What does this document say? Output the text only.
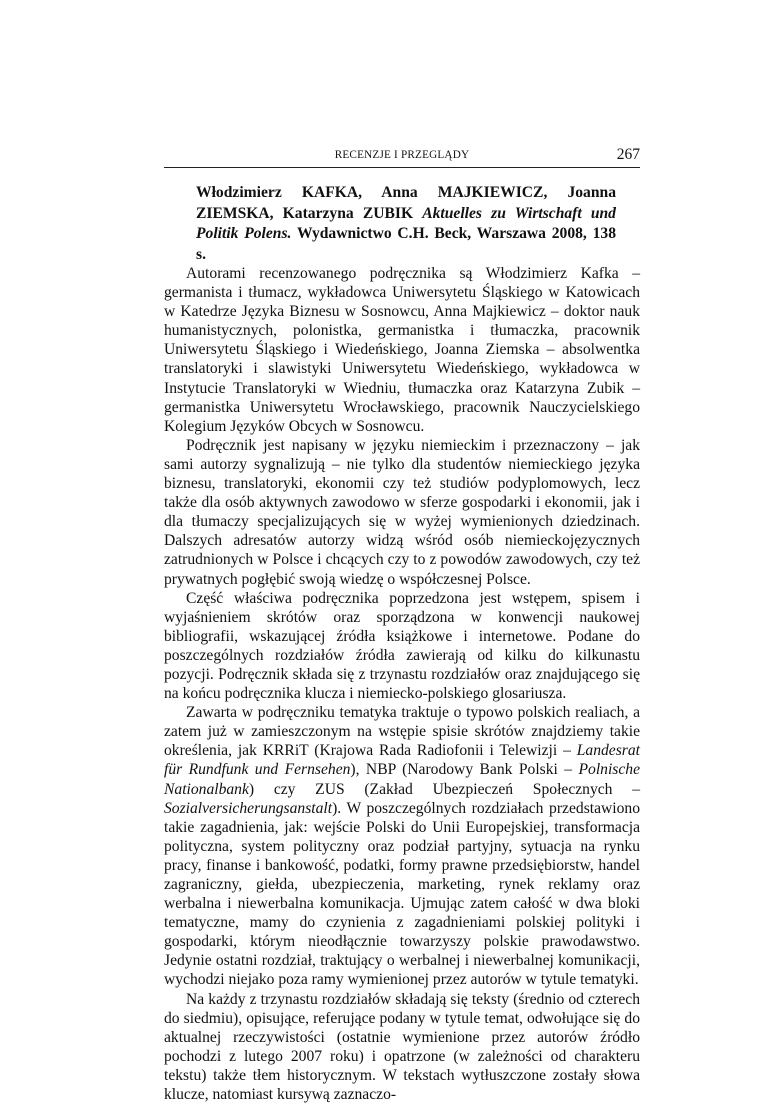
RECENZJE I PRZEGLĄDY	267
Włodzimierz KAFKA, Anna MAJKIEWICZ, Joanna ZIEMSKA, Katarzyna ZUBIK Aktuelles zu Wirtschaft und Politik Polens. Wydawnictwo C.H. Beck, Warszawa 2008, 138 s.

Autorami recenzowanego podręcznika są Włodzimierz Kafka – germanista i tłumacz, wykładowca Uniwersytetu Śląskiego w Katowicach w Katedrze Języka Biznesu w Sosnowcu, Anna Majkiewicz – doktor nauk humanistycznych, polonistka, germanistka i tłumaczka, pracownik Uniwersytetu Śląskiego i Wiedeńskiego, Joanna Ziemska – absolwentka translatoryki i slawistyki Uniwersytetu Wiedeńskiego, wykładowca w Instytucie Translatoryki w Wiedniu, tłumaczka oraz Katarzyna Zubik – germanistka Uniwersytetu Wrocławskiego, pracownik Nauczycielskiego Kolegium Języków Obcych w Sosnowcu.

Podręcznik jest napisany w języku niemieckim i przeznaczony – jak sami autorzy sygnalizują – nie tylko dla studentów niemieckiego języka biznesu, translatoryki, ekonomii czy też studiów podyplomowych, lecz także dla osób aktywnych zawodowo w sferze gospodarki i ekonomii, jak i dla tłumaczy specjalizujących się w wyżej wymienionych dziedzinach. Dalszych adresatów autorzy widzą wśród osób niemieckojęzycznych zatrudnionych w Polsce i chcących czy to z powodów zawodowych, czy też prywatnych pogłębić swoją wiedzę o współczesnej Polsce.

Część właściwa podręcznika poprzedzona jest wstępem, spisem i wyjaśnieniem skrótów oraz sporządzona w konwencji naukowej bibliografii, wskazującej źródła książkowe i internetowe. Podane do poszczególnych rozdziałów źródła zawierają od kilku do kilkunastu pozycji. Podręcznik składa się z trzynastu rozdziałów oraz znajdującego się na końcu podręcznika klucza i niemiecko-polskiego glosariusza.

Zawarta w podręczniku tematyka traktuje o typowo polskich realiach, a zatem już w zamieszczonym na wstępie spisie skrótów znajdziemy takie określenia, jak KRRiT (Krajowa Rada Radiofonii i Telewizji – Landesrat für Rundfunk und Fernsehen), NBP (Narodowy Bank Polski – Polnische Nationalbank) czy ZUS (Zakład Ubezpieczeń Społecznych – Sozialversicherungsanstalt). W poszczególnych rozdziałach przedstawiono takie zagadnienia, jak: wejście Polski do Unii Europejskiej, transformacja polityczna, system polityczny oraz podział partyjny, sytuacja na rynku pracy, finanse i bankowość, podatki, formy prawne przedsiębiorstw, handel zagraniczny, giełda, ubezpieczenia, marketing, rynek reklamy oraz werbalna i niewerbalna komunikacja. Ujmując zatem całość w dwa bloki tematyczne, mamy do czynienia z zagadnieniami polskiej polityki i gospodarki, którym nieodłącznie towarzyszy polskie prawodawstwo. Jedynie ostatni rozdział, traktujący o werbalnej i niewerbalnej komunikacji, wychodzi niejako poza ramy wymienionej przez autorów w tytule tematyki.

Na każdy z trzynastu rozdziałów składają się teksty (średnio od czterech do siedmiu), opisujące, referujące podany w tytule temat, odwołujące się do aktualnej rzeczywistości (ostatnie wymienione przez autorów źródło pochodzi z lutego 2007 roku) i opatrzone (w zależności od charakteru tekstu) także tłem historycznym. W tekstach wytłuszczone zostały słowa klucze, natomiast kursywą zaznaczo-
